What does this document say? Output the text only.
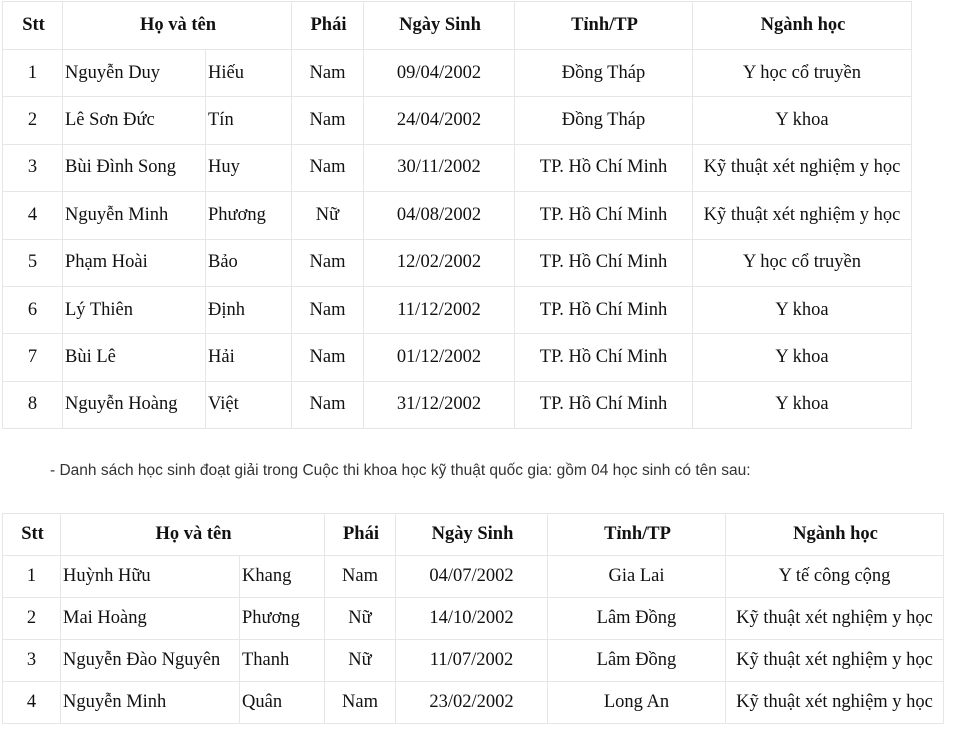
Stt	Họ và tên		Phái	Ngày Sinh	Tỉnh/TP	Ngành học
1	Nguyễn Duy	Hiếu	Nam	09/04/2002	Đồng Tháp	Y học cổ truyền
2	Lê Sơn Đức	Tín	Nam	24/04/2002	Đồng Tháp	Y khoa
3	Bùi Đình Song	Huy	Nam	30/11/2002	TP. Hồ Chí Minh	Kỹ thuật xét nghiệm y học
4	Nguyễn Minh	Phương	Nữ	04/08/2002	TP. Hồ Chí Minh	Kỹ thuật xét nghiệm y học
5	Phạm Hoài	Bảo	Nam	12/02/2002	TP. Hồ Chí Minh	Y học cổ truyền
6	Lý Thiên	Định	Nam	11/12/2002	TP. Hồ Chí Minh	Y khoa
7	Bùi Lê	Hải	Nam	01/12/2002	TP. Hồ Chí Minh	Y khoa
8	Nguyễn Hoàng	Việt	Nam	31/12/2002	TP. Hồ Chí Minh	Y khoa
- Danh sách học sinh đoạt giải trong Cuộc thi khoa học kỹ thuật quốc gia: gồm 04 học sinh có tên sau:
Stt	Họ và tên		Phái	Ngày Sinh	Tỉnh/TP	Ngành học
1	Huỳnh Hữu	Khang	Nam	04/07/2002	Gia Lai	Y tế công cộng
2	Mai Hoàng	Phương	Nữ	14/10/2002	Lâm Đồng	Kỹ thuật xét nghiệm y học
3	Nguyễn Đào Nguyên	Thanh	Nữ	11/07/2002	Lâm Đồng	Kỹ thuật xét nghiệm y học
4	Nguyễn Minh	Quân	Nam	23/02/2002	Long An	Kỹ thuật xét nghiệm y học
